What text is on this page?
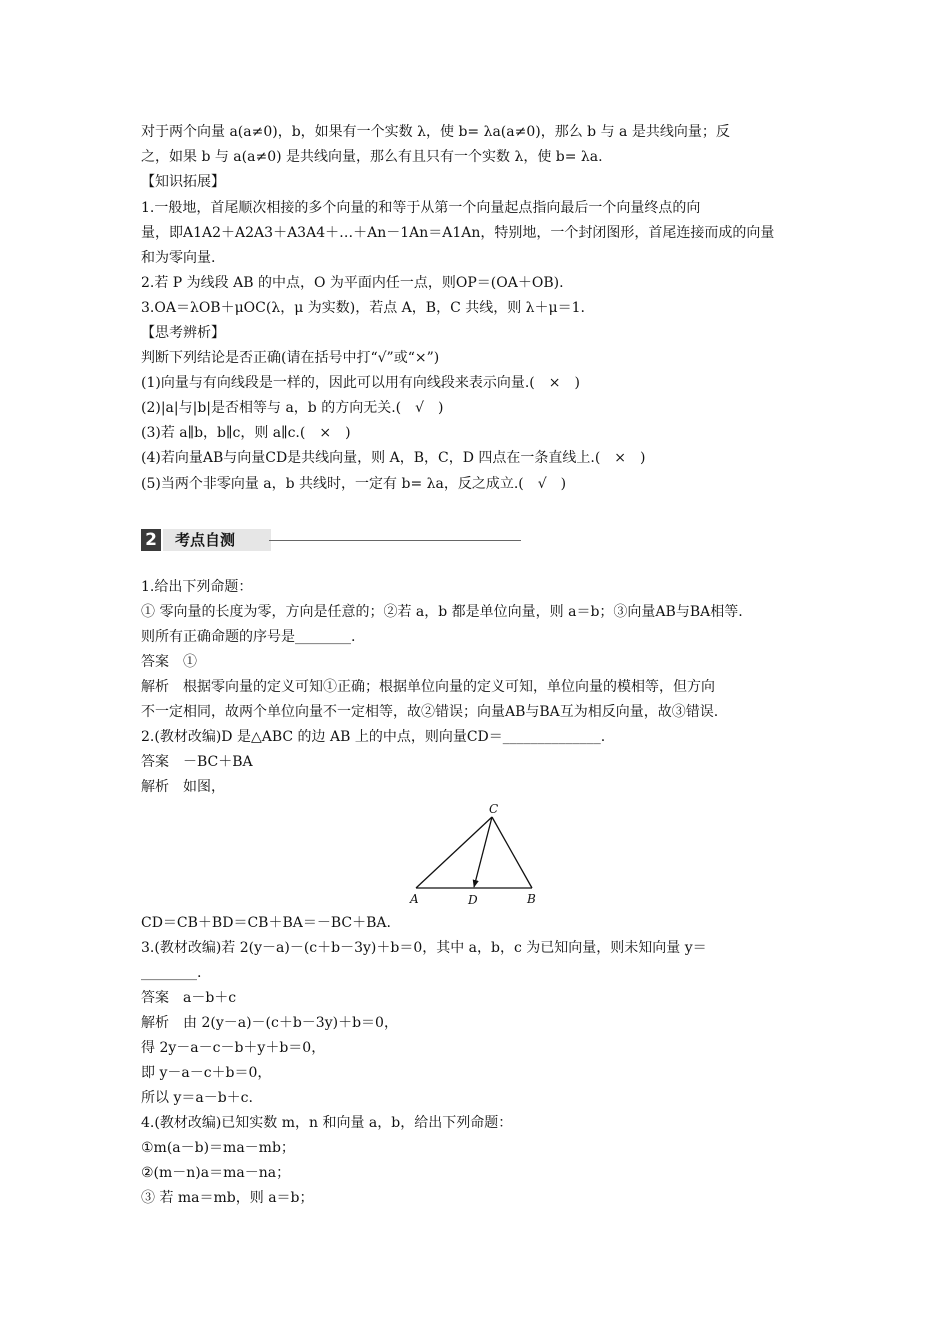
对于两个向量 a(a≠0)，b，如果有一个实数 λ，使 b= λa(a≠0)，那么 b 与 a 是共线向量；反
之，如果 b 与 a(a≠0) 是共线向量，那么有且只有一个实数 λ，使 b= λa.
【知识拓展】
1.一般地，首尾顺次相接的多个向量的和等于从第一个向量起点指向最后一个向量终点的向
量，即A1A2＋A2A3＋A3A4＋…＋An－1An＝A1An，特别地，一个封闭图形，首尾连接而成的向量
和为零向量.
2.若 P 为线段 AB 的中点，O 为平面内任一点，则OP＝(OA＋OB).
3.OA＝λOB＋μOC(λ，μ 为实数)，若点 A，B，C 共线，则 λ＋μ＝1.
【思考辨析】
判断下列结论是否正确(请在括号中打“√”或“×”)
(1)向量与有向线段是一样的，因此可以用有向线段来表示向量.(　×　)
(2)|a|与|b|是否相等与 a，b 的方向无关.(　√　)
(3)若 a∥b，b∥c，则 a∥c.(　×　)
(4)若向量AB与向量CD是共线向量，则 A，B，C，D 四点在一条直线上.(　×　)
(5)当两个非零向量 a，b 共线时，一定有 b= λa，反之成立.(　√　)
2	考点自测
1.给出下列命题：
① 零向量的长度为零，方向是任意的；②若 a，b 都是单位向量，则 a＝b；③向量AB与BA相等.
则所有正确命题的序号是________.
答案　①
解析　根据零向量的定义可知①正确；根据单位向量的定义可知，单位向量的模相等，但方向
不一定相同，故两个单位向量不一定相等，故②错误；向量AB与BA互为相反向量，故③错误.
2.(教材改编)D 是△ABC 的边 AB 上的中点，则向量CD＝______________.
答案　－BC＋BA
解析　如图，
C
A	D	B
CD＝CB＋BD＝CB＋BA＝－BC＋BA.
3.(教材改编)若 2(y－a)－(c＋b－3y)＋b＝0，其中 a，b，c 为已知向量，则未知向量 y＝
________.
答案　a－b＋c
解析　由 2(y－a)－(c＋b－3y)＋b＝0，
得 2y－a－c－b＋y＋b＝0，
即 y－a－c＋b＝0，
所以 y＝a－b＋c.
4.(教材改编)已知实数 m，n 和向量 a，b，给出下列命题：
①m(a－b)＝ma－mb；
②(m－n)a＝ma－na；
③ 若 ma＝mb，则 a＝b；
